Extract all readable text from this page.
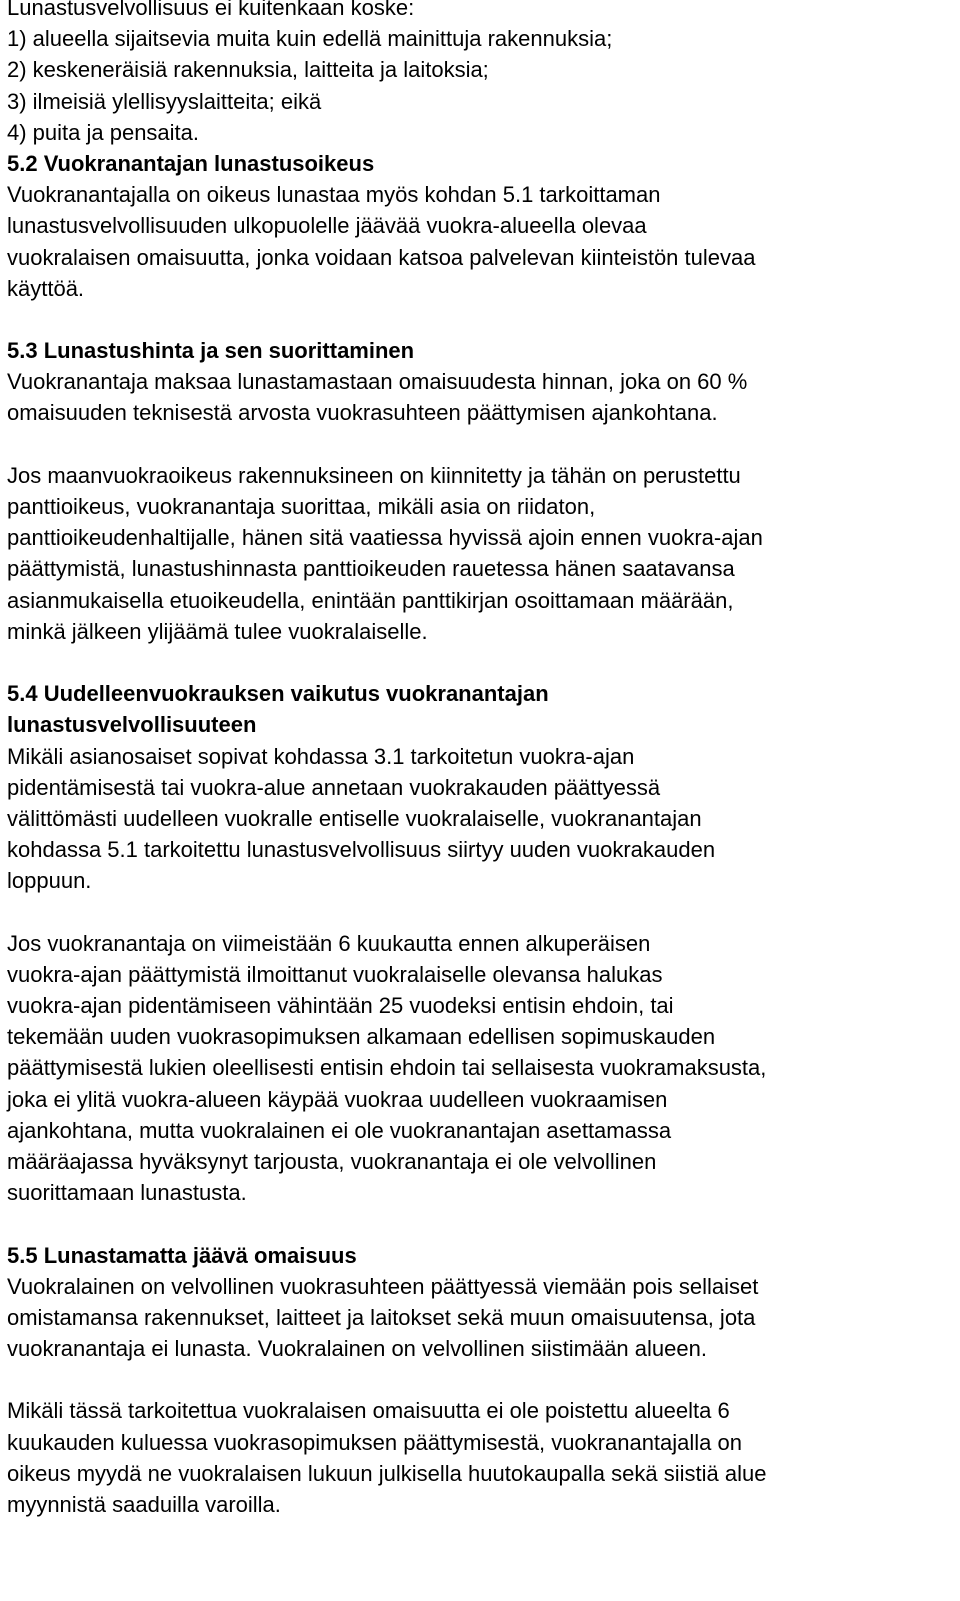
Lunastusvelvollisuus ei kuitenkaan koske:
1) alueella sijaitsevia muita kuin edellä mainittuja rakennuksia;
2) keskeneräisiä rakennuksia, laitteita ja laitoksia;
3) ilmeisiä ylellisyyslaitteita; eikä
4) puita ja pensaita.
5.2 Vuokranantajan lunastusoikeus
Vuokranantajalla on oikeus lunastaa myös kohdan 5.1 tarkoittaman
lunastusvelvollisuuden ulkopuolelle jäävää vuokra-alueella olevaa
vuokralaisen omaisuutta, jonka voidaan katsoa palvelevan kiinteistön tulevaa
käyttöä.
5.3 Lunastushinta ja sen suorittaminen
Vuokranantaja maksaa lunastamastaan omaisuudesta hinnan, joka on 60 %
omaisuuden teknisestä arvosta vuokrasuhteen päättymisen ajankohtana.
Jos maanvuokraoikeus rakennuksineen on kiinnitetty ja tähän on perustettu
panttioikeus, vuokranantaja suorittaa, mikäli asia on riidaton,
panttioikeudenhaltijalle, hänen sitä vaatiessa hyvissä ajoin ennen vuokra-ajan
päättymistä, lunastushinnasta panttioikeuden rauetessa hänen saatavansa
asianmukaisella etuoikeudella, enintään panttikirjan osoittamaan määrään,
minkä jälkeen ylijäämä tulee vuokralaiselle.
5.4 Uudelleenvuokrauksen vaikutus vuokranantajan
lunastusvelvollisuuteen
Mikäli asianosaiset sopivat kohdassa 3.1 tarkoitetun vuokra-ajan
pidentämisestä tai vuokra-alue annetaan vuokrakauden päättyessä
välittömästi uudelleen vuokralle entiselle vuokralaiselle, vuokranantajan
kohdassa 5.1 tarkoitettu lunastusvelvollisuus siirtyy uuden vuokrakauden
loppuun.
Jos vuokranantaja on viimeistään 6 kuukautta ennen alkuperäisen
vuokra-ajan päättymistä ilmoittanut vuokralaiselle olevansa halukas
vuokra-ajan pidentämiseen vähintään 25 vuodeksi entisin ehdoin, tai
tekemään uuden vuokrasopimuksen alkamaan edellisen sopimuskauden
päättymisestä lukien oleellisesti entisin ehdoin tai sellaisesta vuokramaksusta,
joka ei ylitä vuokra-alueen käypää vuokraa uudelleen vuokraamisen
ajankohtana, mutta vuokralainen ei ole vuokranantajan asettamassa
määräajassa hyväksynyt tarjousta, vuokranantaja ei ole velvollinen
suorittamaan lunastusta.
5.5 Lunastamatta jäävä omaisuus
Vuokralainen on velvollinen vuokrasuhteen päättyessä viemään pois sellaiset
omistamansa rakennukset, laitteet ja laitokset sekä muun omaisuutensa, jota
vuokranantaja ei lunasta. Vuokralainen on velvollinen siistimään alueen.
Mikäli tässä tarkoitettua vuokralaisen omaisuutta ei ole poistettu alueelta 6
kuukauden kuluessa vuokrasopimuksen päättymisestä, vuokranantajalla on
oikeus myydä ne vuokralaisen lukuun julkisella huutokaupalla sekä siistiä alue
myynnistä saaduilla varoilla.
